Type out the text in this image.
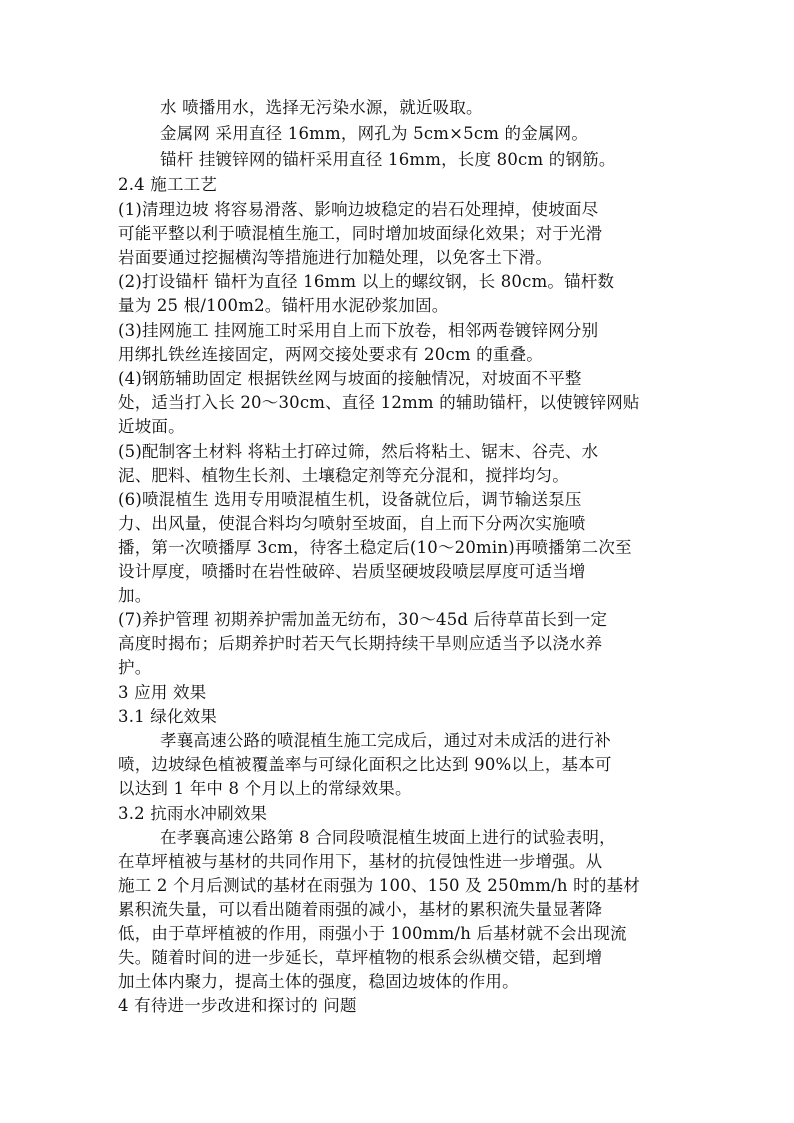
水 喷播用水，选择无污染水源，就近吸取。
金属网 采用直径 16mm，网孔为 5cm×5cm 的金属网。
锚杆 挂镀锌网的锚杆采用直径 16mm，长度 80cm 的钢筋。
2.4 施工工艺
(1)清理边坡 将容易滑落、影响边坡稳定的岩石处理掉，使坡面尽
可能平整以利于喷混植生施工，同时增加坡面绿化效果；对于光滑
岩面要通过挖掘横沟等措施进行加糙处理，以免客土下滑。
(2)打设锚杆 锚杆为直径 16mm 以上的螺纹钢，长 80cm。锚杆数
量为 25 根/100m2。锚杆用水泥砂浆加固。
(3)挂网施工 挂网施工时采用自上而下放卷，相邻两卷镀锌网分别
用绑扎铁丝连接固定，两网交接处要求有 20cm 的重叠。
(4)钢筋辅助固定 根据铁丝网与坡面的接触情况，对坡面不平整
处，适当打入长 20～30cm、直径 12mm 的辅助锚杆，以使镀锌网贴
近坡面。
(5)配制客土材料 将粘土打碎过筛，然后将粘土、锯末、谷壳、水
泥、肥料、植物生长剂、土壤稳定剂等充分混和，搅拌均匀。
(6)喷混植生 选用专用喷混植生机，设备就位后，调节输送泵压
力、出风量，使混合料均匀喷射至坡面，自上而下分两次实施喷
播，第一次喷播厚 3cm，待客土稳定后(10～20min)再喷播第二次至
设计厚度，喷播时在岩性破碎、岩质坚硬坡段喷层厚度可适当增
加。
(7)养护管理 初期养护需加盖无纺布，30～45d 后待草苗长到一定
高度时揭布；后期养护时若天气长期持续干旱则应适当予以浇水养
护。
3 应用 效果
3.1 绿化效果
孝襄高速公路的喷混植生施工完成后，通过对未成活的进行补
喷，边坡绿色植被覆盖率与可绿化面积之比达到 90%以上，基本可
以达到 1 年中 8 个月以上的常绿效果。
3.2 抗雨水冲刷效果
在孝襄高速公路第 8 合同段喷混植生坡面上进行的试验表明，
在草坪植被与基材的共同作用下，基材的抗侵蚀性进一步增强。从
施工 2 个月后测试的基材在雨强为 100、150 及 250mm/h 时的基材
累积流失量，可以看出随着雨强的减小，基材的累积流失量显著降
低，由于草坪植被的作用，雨强小于 100mm/h 后基材就不会出现流
失。随着时间的进一步延长，草坪植物的根系会纵横交错，起到增
加土体内聚力，提高土体的强度，稳固边坡体的作用。
4 有待进一步改进和探讨的 问题
